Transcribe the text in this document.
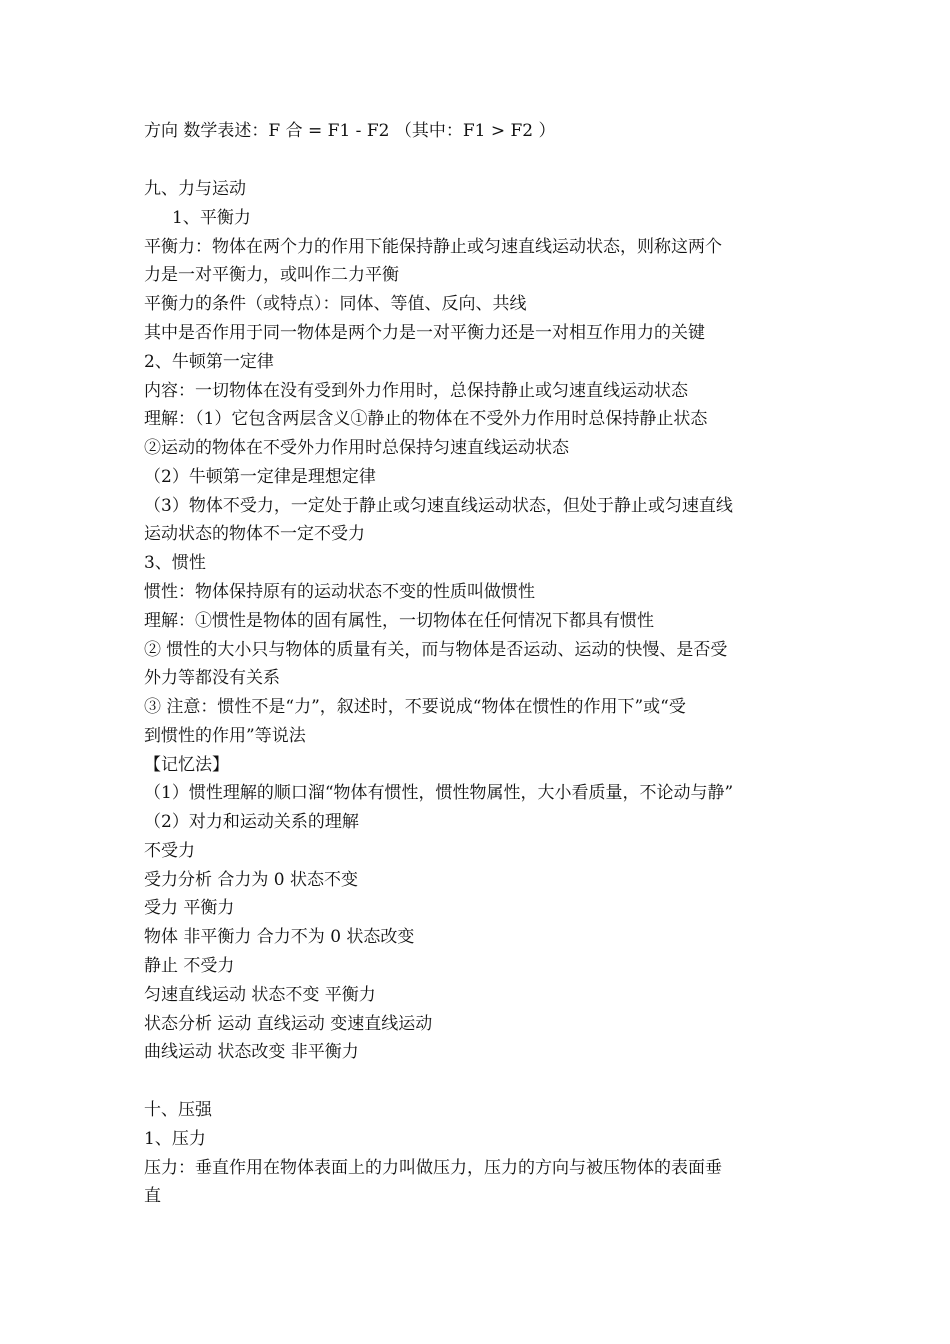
方向 数学表述：F 合 = F1 - F2 （其中：F1 > F2 ）
九、力与运动
1、平衡力
平衡力：物体在两个力的作用下能保持静止或匀速直线运动状态，则称这两个
力是一对平衡力，或叫作二力平衡
平衡力的条件（或特点）：同体、等值、反向、共线
其中是否作用于同一物体是两个力是一对平衡力还是一对相互作用力的关键
2、牛顿第一定律
内容：一切物体在没有受到外力作用时，总保持静止或匀速直线运动状态
理解：（1）它包含两层含义①静止的物体在不受外力作用时总保持静止状态
②运动的物体在不受外力作用时总保持匀速直线运动状态
（2）牛顿第一定律是理想定律
（3）物体不受力，一定处于静止或匀速直线运动状态，但处于静止或匀速直线
运动状态的物体不一定不受力
3、惯性
惯性：物体保持原有的运动状态不变的性质叫做惯性
理解：①惯性是物体的固有属性，一切物体在任何情况下都具有惯性
② 惯性的大小只与物体的质量有关，而与物体是否运动、运动的快慢、是否受
外力等都没有关系
③ 注意：惯性不是“力”，叙述时，不要说成“物体在惯性的作用下”或“受
到惯性的作用”等说法
【记忆法】
（1）惯性理解的顺口溜“物体有惯性，惯性物属性，大小看质量，不论动与静”
（2）对力和运动关系的理解
不受力
受力分析 合力为 0 状态不变
受力 平衡力
物体 非平衡力 合力不为 0 状态改变
静止 不受力
匀速直线运动 状态不变 平衡力
状态分析 运动 直线运动 变速直线运动
曲线运动 状态改变 非平衡力
十、压强
1、压力
压力：垂直作用在物体表面上的力叫做压力，压力的方向与被压物体的表面垂
直
